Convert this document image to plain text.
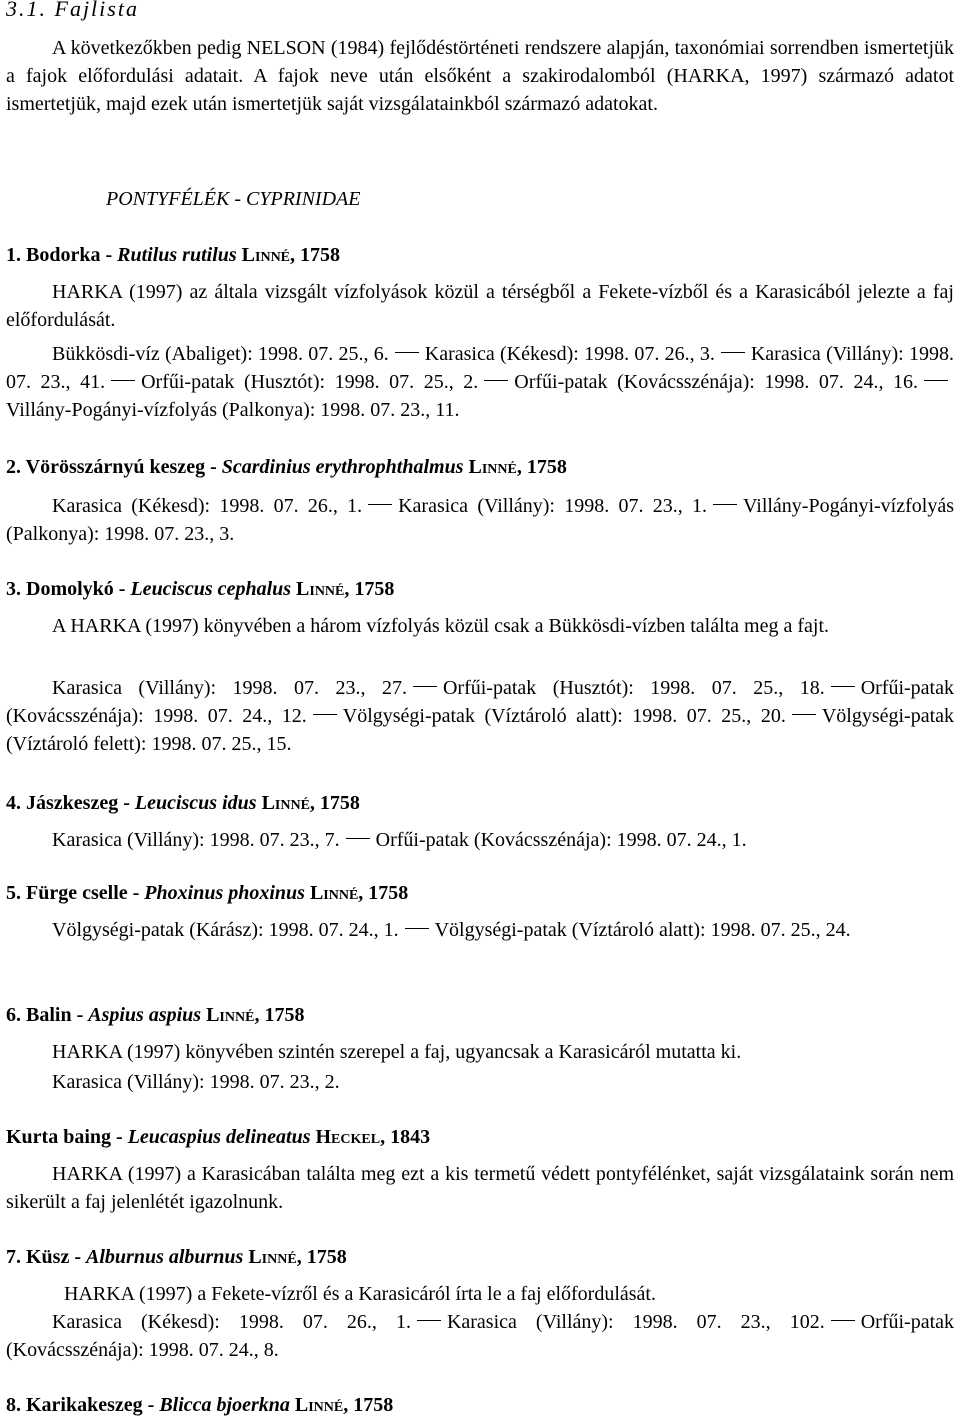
3.1. Fajlista

A következőkben pedig NELSON (1984) fejlődéstörténeti rendszere alapján, taxonómiai sorrendben ismertetjük a fajok előfordulási adatait. A fajok neve után elsőként a szakirodalomból (HARKA, 1997) származó adatot ismertetjük, majd ezek után ismertetjük saját vizsgálatainkból származó adatokat.

PONTYFÉLÉK - CYPRINIDAE
1. Bodorka - Rutilus rutilus Linné, 1758

HARKA (1997) az általa vizsgált vízfolyások közül a térségből a Fekete-vízből és a Karasicából jelezte a faj előfordulását.

Bükkösdi-víz (Abaliget): 1998. 07. 25., 6. Karasica (Kékesd): 1998. 07. 26., 3. Karasica (Villány): 1998. 07. 23., 41. Orfűi-patak (Husztót): 1998. 07. 25., 2. Orfűi-patak (Kovácsszénája): 1998. 07. 24., 16.Villány-Pogányi-vízfolyás (Palkonya): 1998. 07. 23., 11.

2. Vörösszárnyú keszeg - Scardinius erythrophthalmus Linné, 1758

Karasica (Kékesd): 1998. 07. 26., 1. Karasica (Villány): 1998. 07. 23., 1. Villány-Pogányi-vízfolyás (Palkonya): 1998. 07. 23., 3.

3. Domolykó - Leuciscus cephalus Linné, 1758

A HARKA (1997) könyvében a három vízfolyás közül csak a Bükkösdi-vízben találta meg a fajt.

Karasica (Villány): 1998. 07. 23., 27. Orfűi-patak (Husztót): 1998. 07. 25., 18. Orfűi-patak (Kovácsszénája): 1998. 07. 24., 12. Völgységi-patak (Víztároló alatt): 1998. 07. 25., 20. Völgységi-patak (Víztároló felett): 1998. 07. 25., 15.

4. Jászkeszeg - Leuciscus idus Linné, 1758

Karasica (Villány): 1998. 07. 23., 7. Orfűi-patak (Kovácsszénája): 1998. 07. 24., 1.

5. Fürge cselle - Phoxinus phoxinus Linné, 1758

Völgységi-patak (Kárász): 1998. 07. 24., 1. Völgységi-patak (Víztároló alatt): 1998. 07. 25., 24.

6. Balin - Aspius aspius Linné, 1758

HARKA (1997) könyvében szintén szerepel a faj, ugyancsak a Karasicáról mutatta ki.

Karasica (Villány): 1998. 07. 23., 2.

Kurta baing - Leucaspius delineatus Heckel, 1843

HARKA (1997) a Karasicában találta meg ezt a kis termetű védett pontyfélénket, saját vizsgálataink során nem sikerült a faj jelenlétét igazolnunk.

7. Küsz - Alburnus alburnus Linné, 1758

HARKA (1997) a Fekete-vízről és a Karasicáról írta le a faj előfordulását.

Karasica (Kékesd): 1998. 07. 26., 1. Karasica (Villány): 1998. 07. 23., 102. Orfűi-patak (Kovácsszénája): 1998. 07. 24., 8.

8. Karikakeszeg - Blicca bjoerkna Linné, 1758
